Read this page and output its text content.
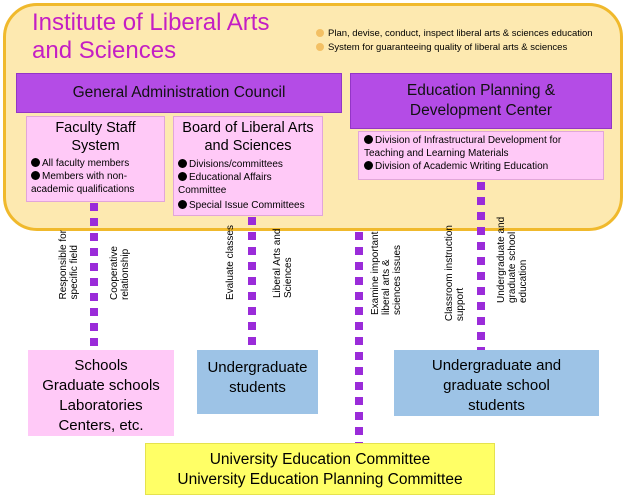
Institute of Liberal Arts
and Sciences
Plan, devise, conduct, inspect liberal arts & sciences education
System for guaranteeing quality of liberal arts & sciences
General Administration Council	Education Planning &
Development Center
Faculty Staff
System
All faculty members
Members with non-academic qualifications
Board of Liberal Arts
and Sciences
Divisions/committees
Educational Affairs Committee
Special Issue Committees
Division of Infrastructural Development for Teaching and Learning Materials
Division of Academic Writing Education
Responsible for
specific field	Cooperative
relationship	Evaluate classes	Liberal Arts and
Sciences	Examine important
liberal arts &
sciences issues
Classroom instruction
support
Undergraduate and
graduate school
education
Schools
Graduate schools
Laboratories
Centers, etc.
Undergraduate
students
Undergraduate and
graduate school
students
University Education Committee
University Education Planning Committee
